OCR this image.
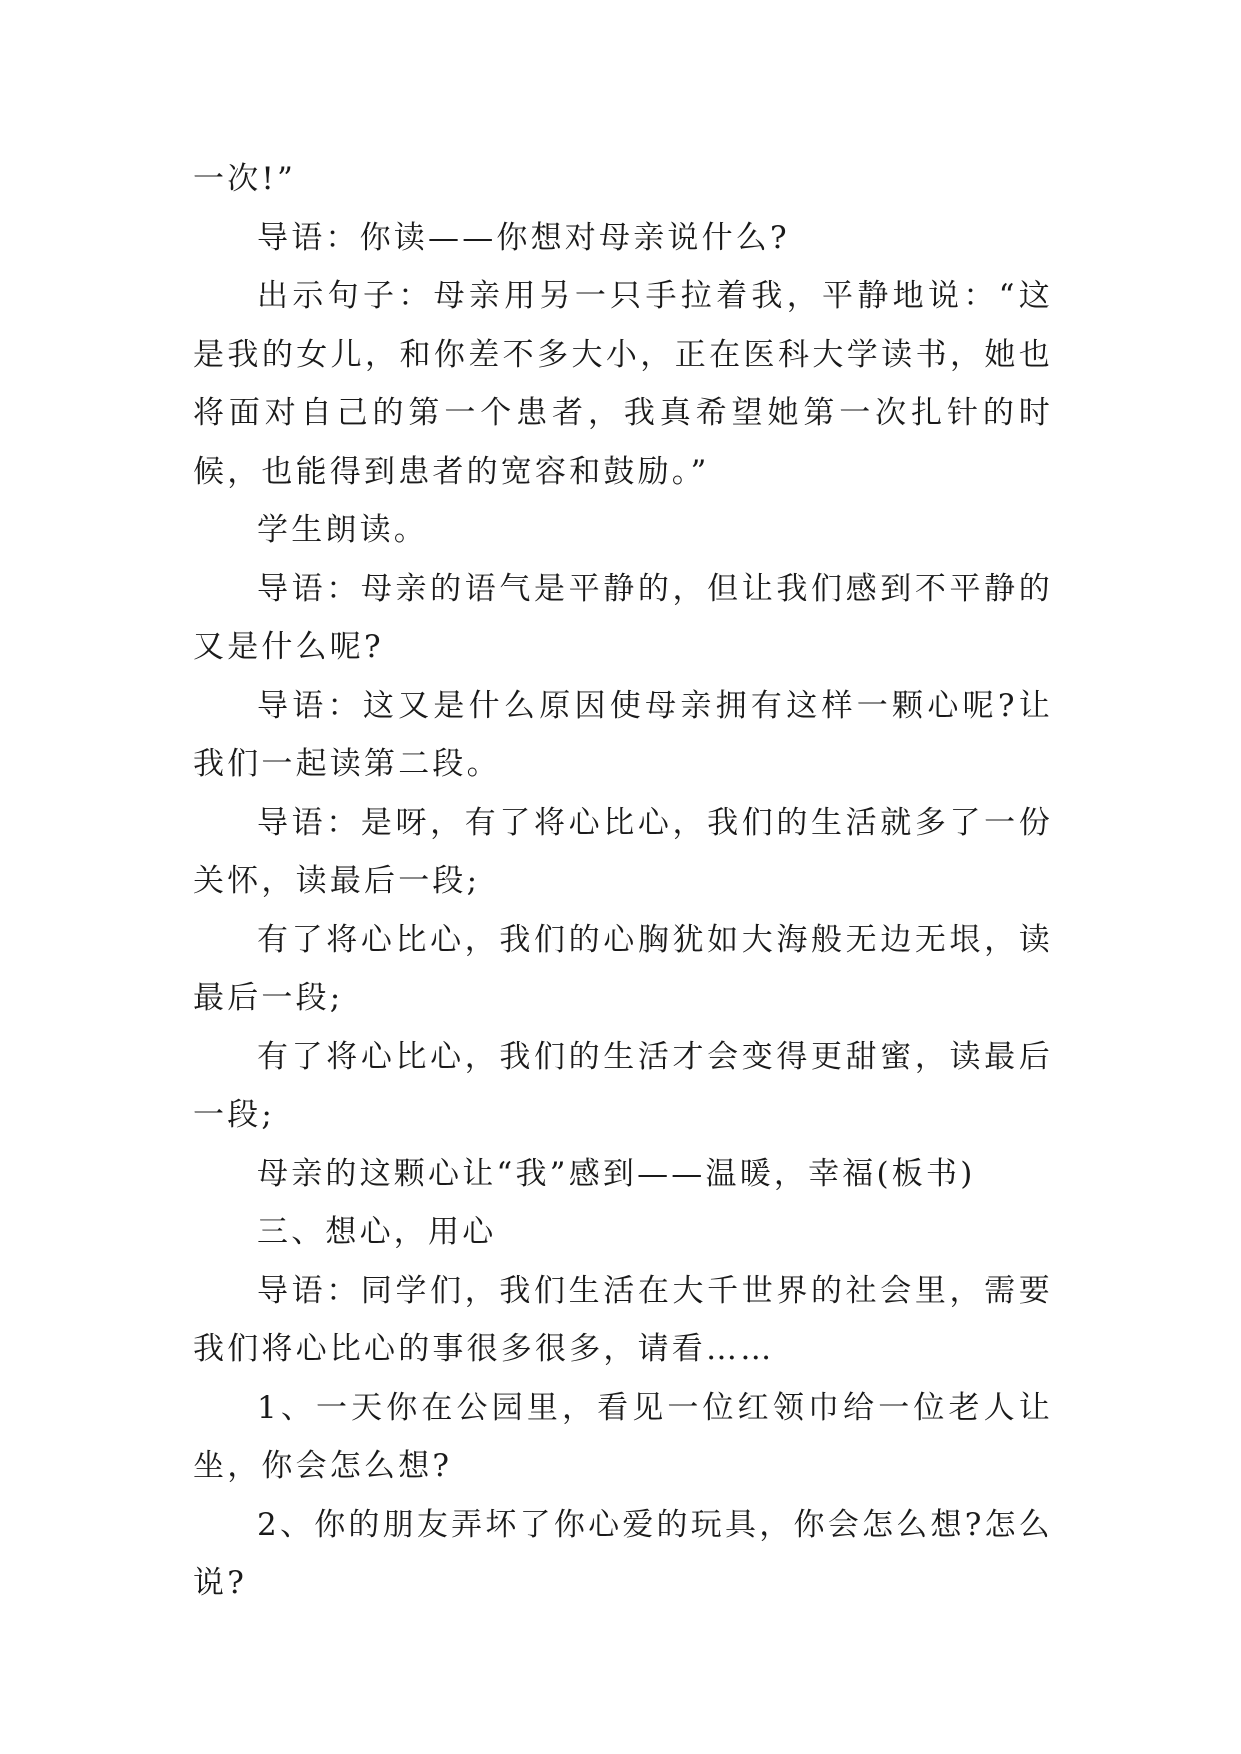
一次!”

导语：你读——你想对母亲说什么?

出示句子：母亲用另一只手拉着我，平静地说：“这是我的女儿，和你差不多大小，正在医科大学读书，她也将面对自己的第一个患者，我真希望她第一次扎针的时候，也能得到患者的宽容和鼓励。”

学生朗读。

导语：母亲的语气是平静的，但让我们感到不平静的又是什么呢?

导语：这又是什么原因使母亲拥有这样一颗心呢?让我们一起读第二段。

导语：是呀，有了将心比心，我们的生活就多了一份关怀，读最后一段;

有了将心比心，我们的心胸犹如大海般无边无垠，读最后一段;

有了将心比心，我们的生活才会变得更甜蜜，读最后一段;

母亲的这颗心让“我”感到——温暖，幸福(板书)

三、想心，用心

导语：同学们，我们生活在大千世界的社会里，需要我们将心比心的事很多很多，请看……

1、一天你在公园里，看见一位红领巾给一位老人让坐，你会怎么想?

2、你的朋友弄坏了你心爱的玩具，你会怎么想?怎么说?
